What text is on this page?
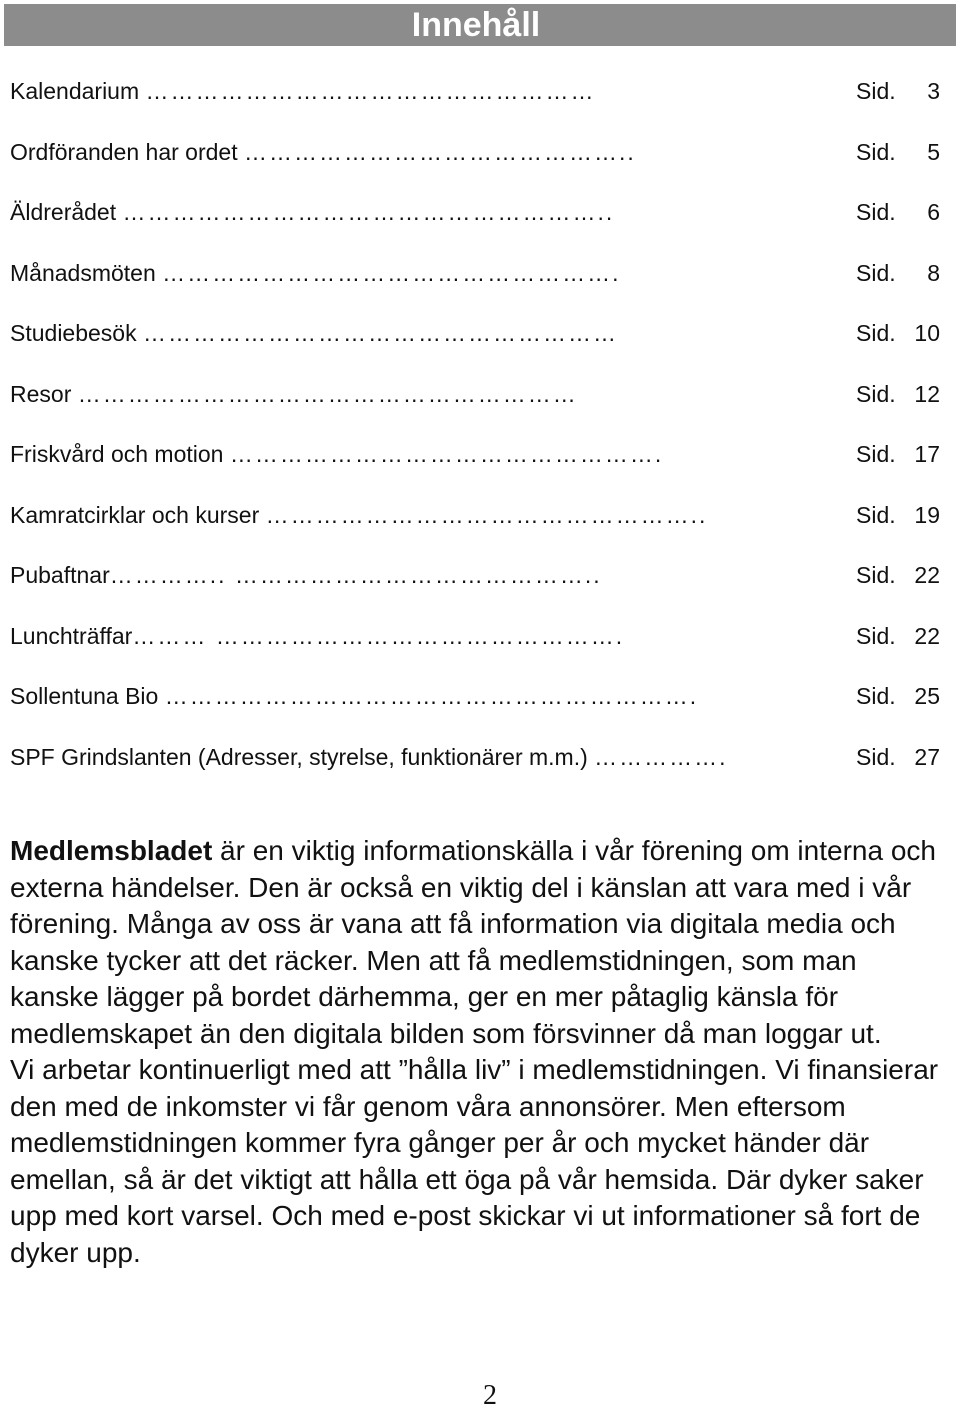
Innehåll
Kalendarium ………………………………………………	Sid. 3
Ordföranden har ordet ………………………………………..	Sid. 5
Äldrerådet …………………………………………………..	Sid. 6
Månadsmöten ……………………………………………….	Sid. 8
Studiebesök …………………………………………………	Sid. 10
Resor ……………………………………………………	Sid. 12
Friskvård och motion …………………………………………….	Sid. 17
Kamratcirklar och kurser ……………………………………………..	Sid. 19
Pubaftnar………….. ……………………………………..	Sid. 22
Lunchträffar……… ………………………………………….	Sid. 22
Sollentuna Bio ……………………………………………………….	Sid. 25
SPF Grindslanten (Adresser, styrelse, funktionärer m.m.) …………….	Sid. 27

Medlemsbladet är en viktig informationskälla i vår förening om interna och externa händelser. Den är också en viktig del i känslan att vara med i vår förening. Många av oss är vana att få information via digitala media och kanske tycker att det räcker. Men att få medlemstidningen, som man kanske lägger på bordet därhemma, ger en mer påtaglig känsla för medlemskapet än den digitala bilden som försvinner då man loggar ut.

Vi arbetar kontinuerligt med att ”hålla liv” i medlemstidningen. Vi finansierar den med de inkomster vi får genom våra annonsörer. Men eftersom medlemstidningen kommer fyra gånger per år och mycket händer där emellan, så är det viktigt att hålla ett öga på vår hemsida. Där dyker saker upp med kort varsel. Och med e-post skickar vi ut informationer så fort de dyker upp.

2
